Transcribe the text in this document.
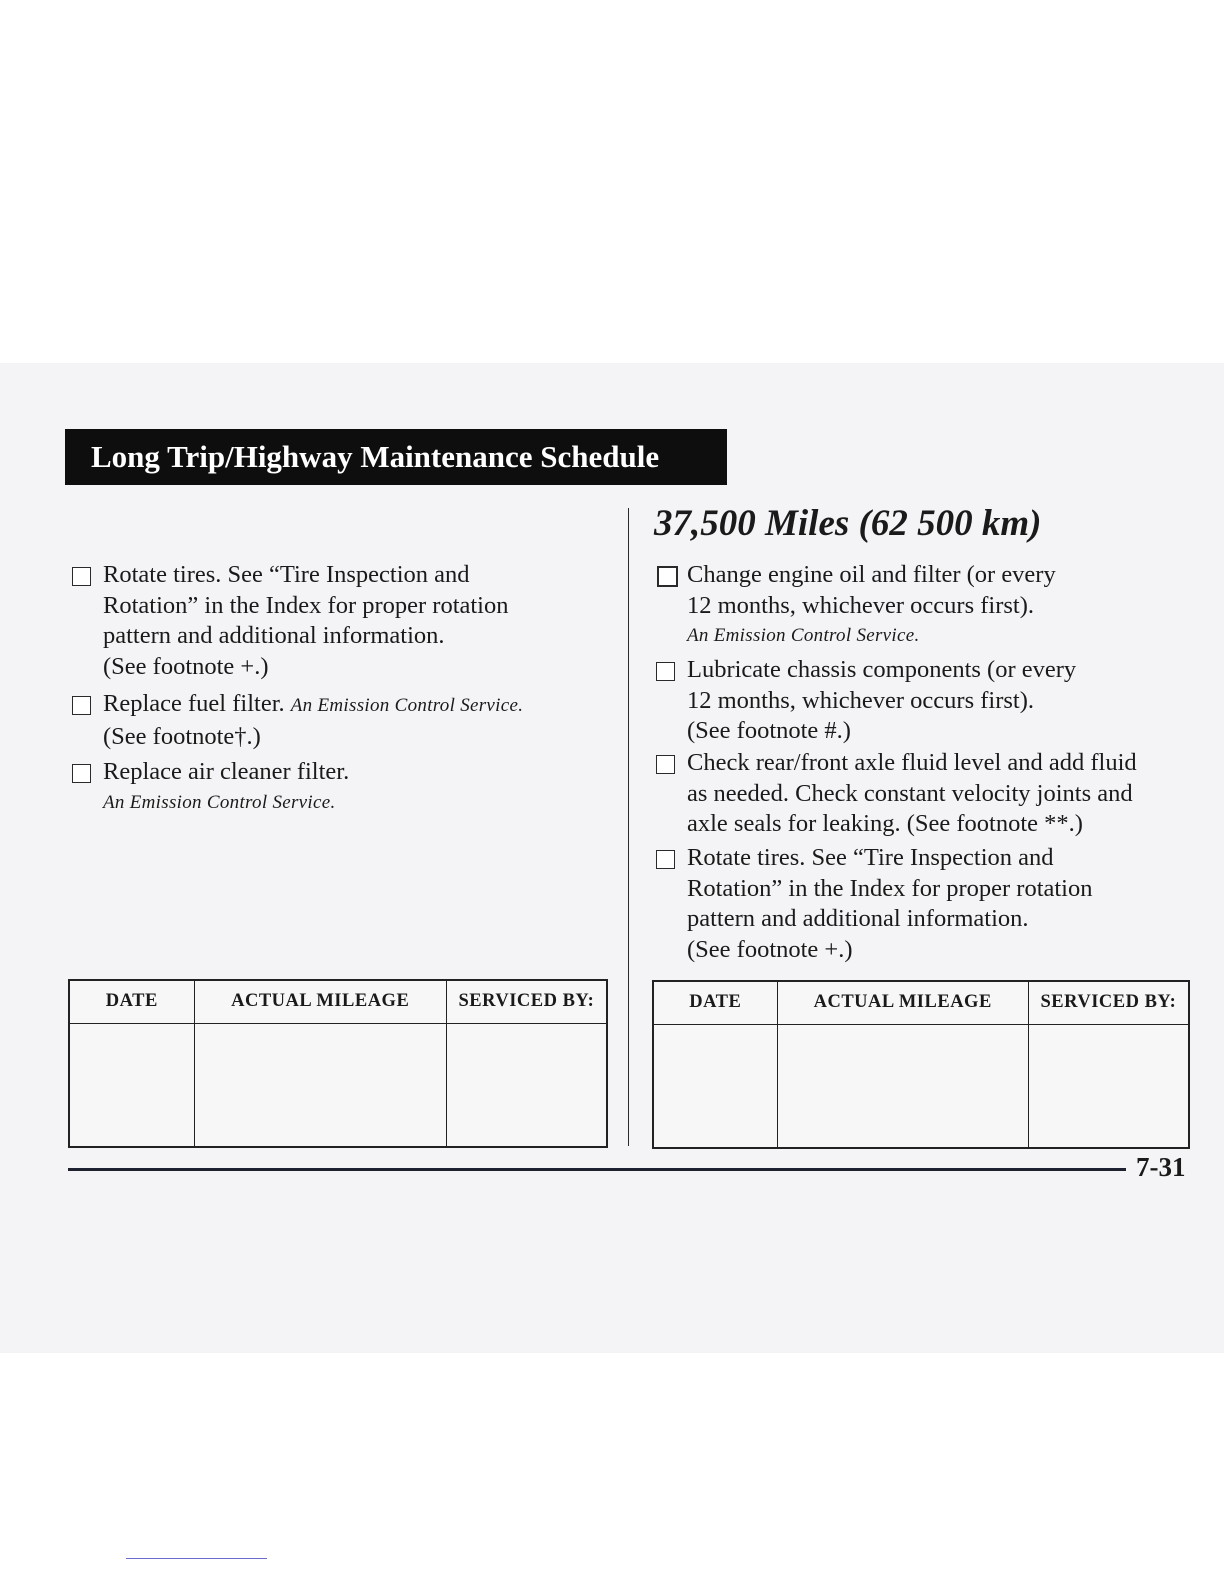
Long Trip/Highway Maintenance Schedule
Rotate tires. See “Tire Inspection and
Rotation” in the Index for proper rotation
pattern and additional information.
(See footnote +.)
Replace fuel filter. An Emission Control Service.
(See footnote†.)
Replace air cleaner filter.
An Emission Control Service.
DATE	ACTUAL MILEAGE	SERVICED BY:

37,500 Miles (62 500 km)
Change engine oil and filter (or every
12 months, whichever occurs first).
An Emission Control Service.
Lubricate chassis components (or every
12 months, whichever occurs first).
(See footnote #.)
Check rear/front axle fluid level and add fluid
as needed. Check constant velocity joints and
axle seals for leaking. (See footnote **.)
Rotate tires. See “Tire Inspection and
Rotation” in the Index for proper rotation
pattern and additional information.
(See footnote +.)
DATE	ACTUAL MILEAGE	SERVICED BY:

7-31
